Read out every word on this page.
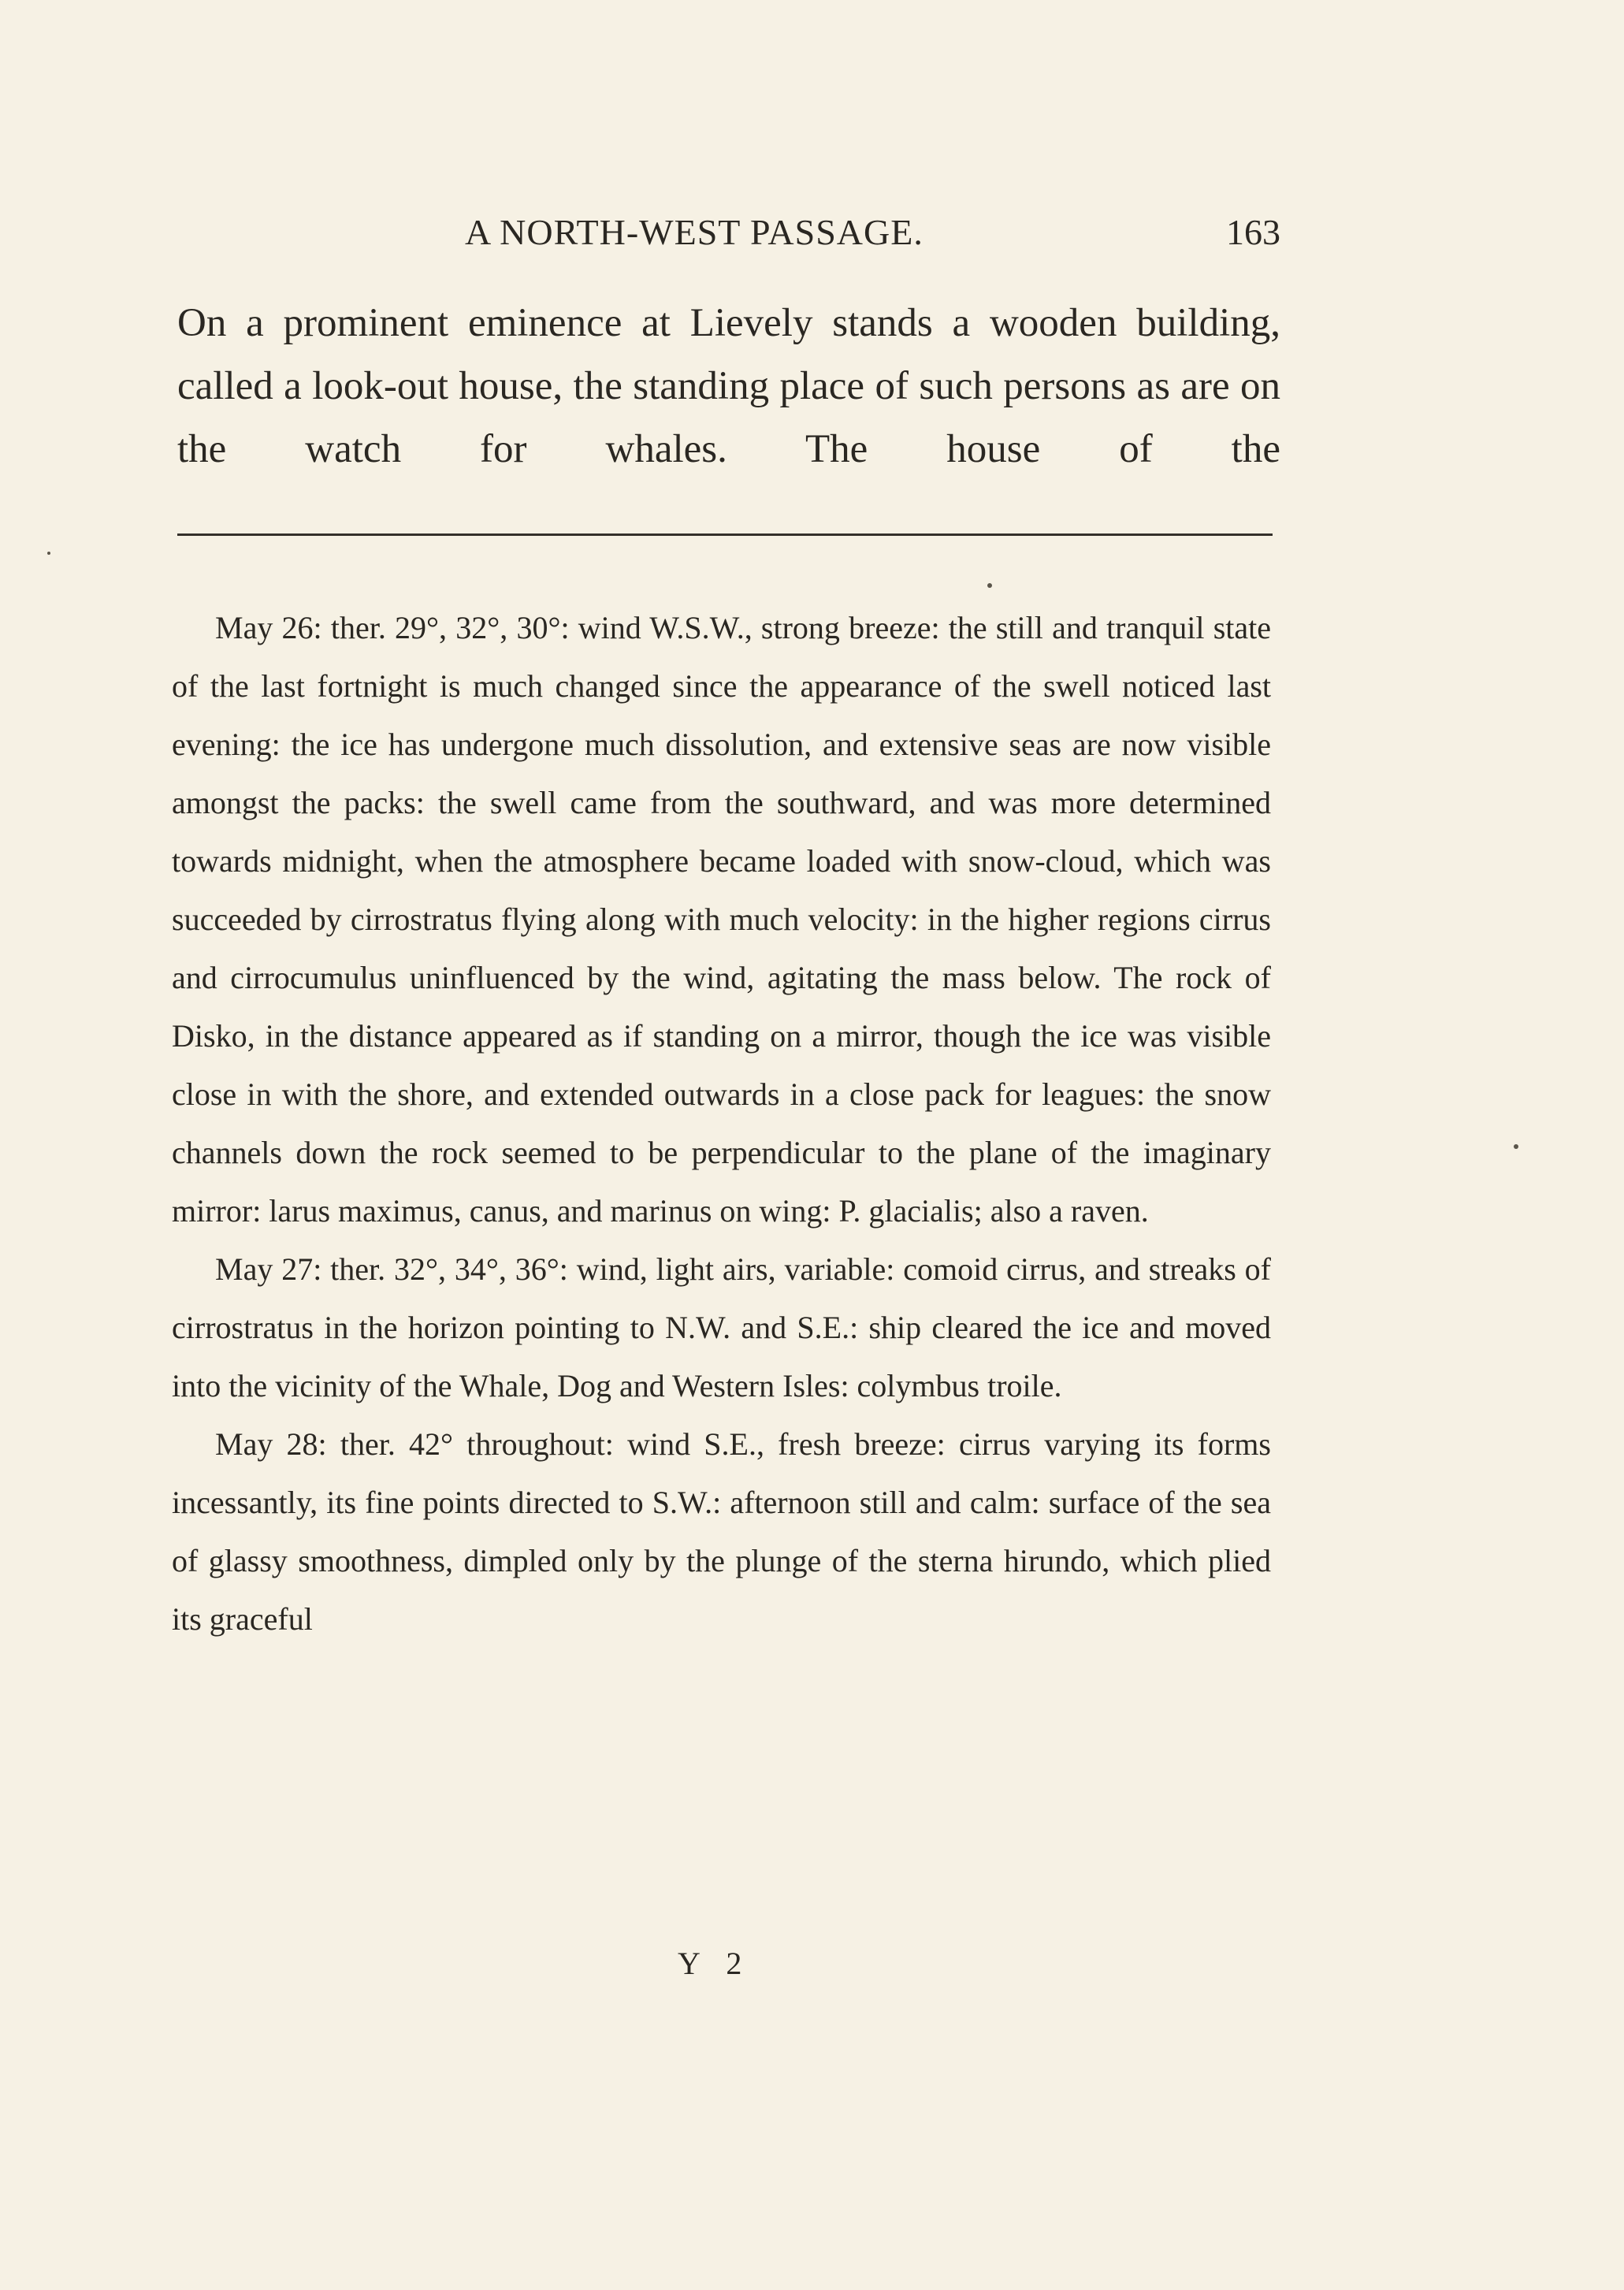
A NORTH-WEST PASSAGE.	163

On a prominent eminence at Lievely stands a wooden building, called a look-out house, the standing place of such persons as are on the watch for whales. The house of the

May 26: ther. 29°, 32°, 30°: wind W.S.W., strong breeze: the still and tranquil state of the last fortnight is much changed since the appearance of the swell noticed last evening: the ice has undergone much dissolution, and extensive seas are now visible amongst the packs: the swell came from the southward, and was more determined towards midnight, when the atmosphere became loaded with snow-cloud, which was succeeded by cirrostratus flying along with much velocity: in the higher regions cirrus and cirrocumulus uninfluenced by the wind, agitating the mass below. The rock of Disko, in the distance appeared as if standing on a mirror, though the ice was visible close in with the shore, and extended outwards in a close pack for leagues: the snow channels down the rock seemed to be perpendicular to the plane of the imaginary mirror: larus maximus, canus, and marinus on wing: P. glacialis; also a raven.

May 27: ther. 32°, 34°, 36°: wind, light airs, variable: comoid cirrus, and streaks of cirrostratus in the horizon pointing to N.W. and S.E.: ship cleared the ice and moved into the vicinity of the Whale, Dog and Western Isles: colymbus troile.

May 28: ther. 42° throughout: wind S.E., fresh breeze: cirrus varying its forms incessantly, its fine points directed to S.W.: afternoon still and calm: surface of the sea of glassy smoothness, dimpled only by the plunge of the sterna hirundo, which plied its graceful

Y 2
